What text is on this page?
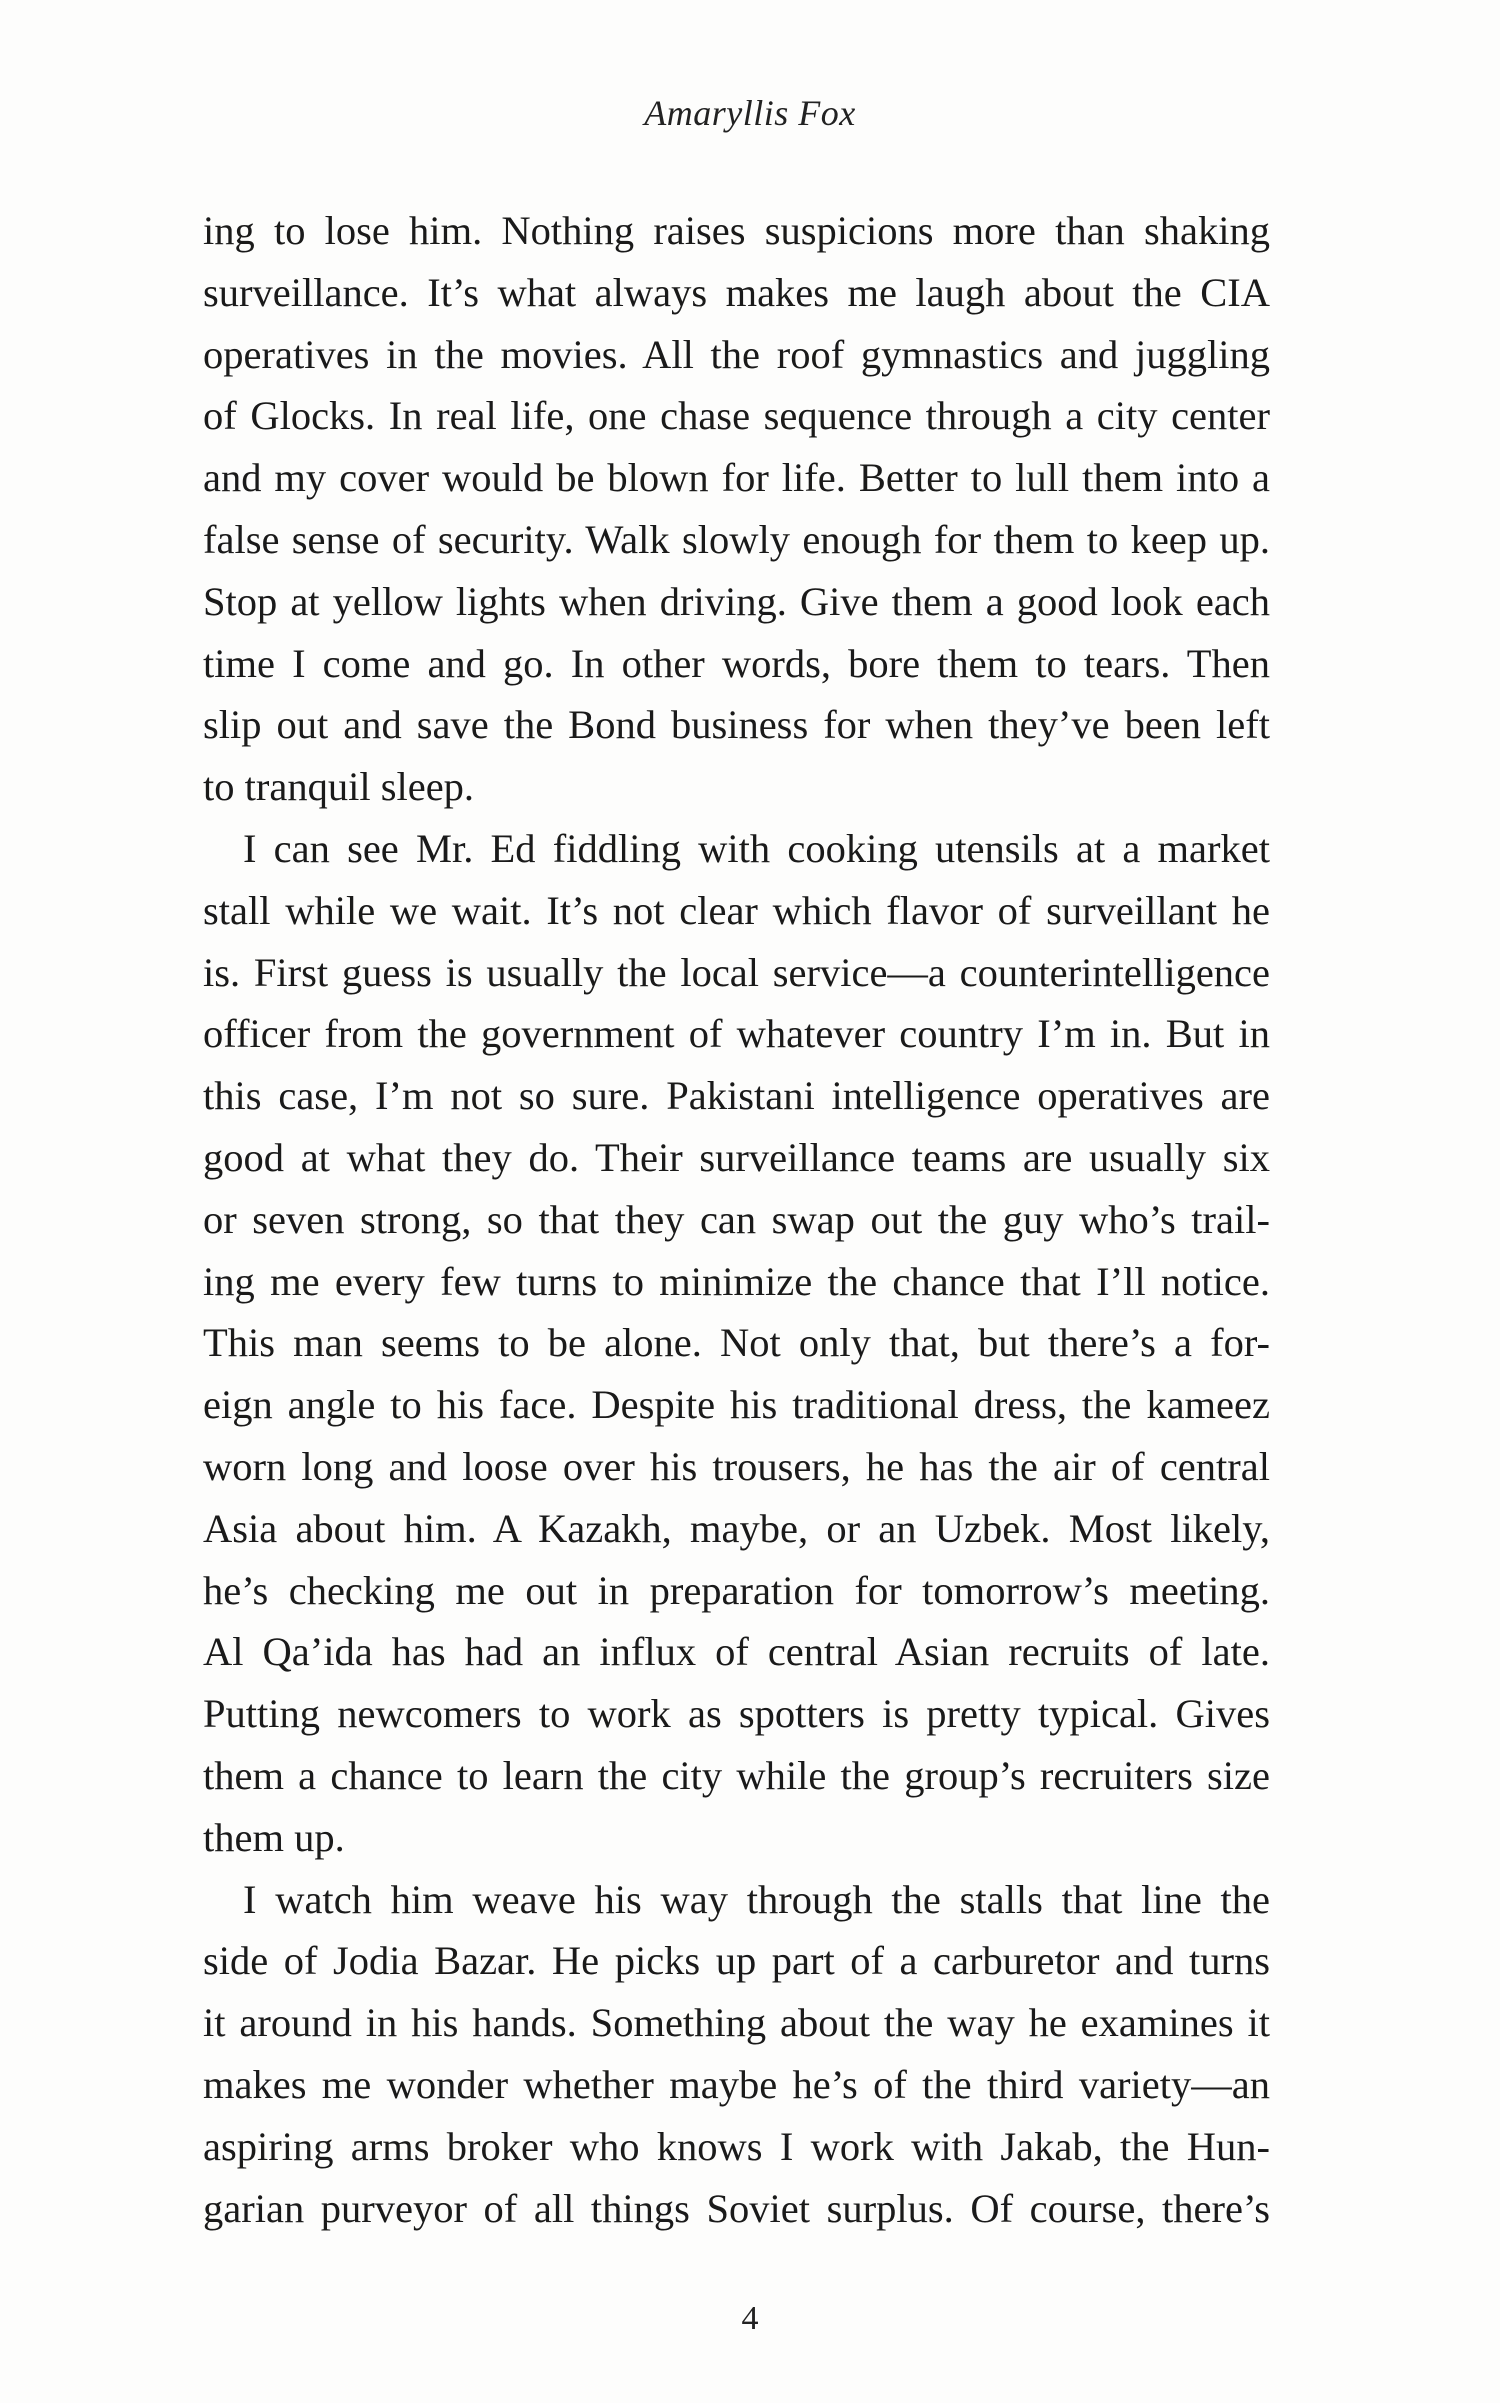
Amaryllis Fox

ing to lose him. Nothing raises suspicions more than shaking

surveillance. It’s what always makes me laugh about the CIA

operatives in the movies. All the roof gymnastics and juggling

of Glocks. In real life, one chase sequence through a city center

and my cover would be blown for life. Better to lull them into a

false sense of security. Walk slowly enough for them to keep up.

Stop at yellow lights when driving. Give them a good look each

time I come and go. In other words, bore them to tears. Then

slip out and save the Bond business for when they’ve been left

to tranquil sleep.

I can see Mr. Ed fiddling with cooking utensils at a market

stall while we wait. It’s not clear which flavor of surveillant he

is. First guess is usually the local service—a counterintelligence

officer from the government of whatever country I’m in. But in

this case, I’m not so sure. Pakistani intelligence operatives are

good at what they do. Their surveillance teams are usually six

or seven strong, so that they can swap out the guy who’s trail-

ing me every few turns to minimize the chance that I’ll notice.

This man seems to be alone. Not only that, but there’s a for-

eign angle to his face. Despite his traditional dress, the kameez

worn long and loose over his trousers, he has the air of central

Asia about him. A Kazakh, maybe, or an Uzbek. Most likely,

he’s checking me out in preparation for tomorrow’s meeting.

Al Qa’ida has had an influx of central Asian recruits of late.

Putting newcomers to work as spotters is pretty typical. Gives

them a chance to learn the city while the group’s recruiters size

them up.

I watch him weave his way through the stalls that line the

side of Jodia Bazar. He picks up part of a carburetor and turns

it around in his hands. Something about the way he examines it

makes me wonder whether maybe he’s of the third variety—an

aspiring arms broker who knows I work with Jakab, the Hun-

garian purveyor of all things Soviet surplus. Of course, there’s

4
